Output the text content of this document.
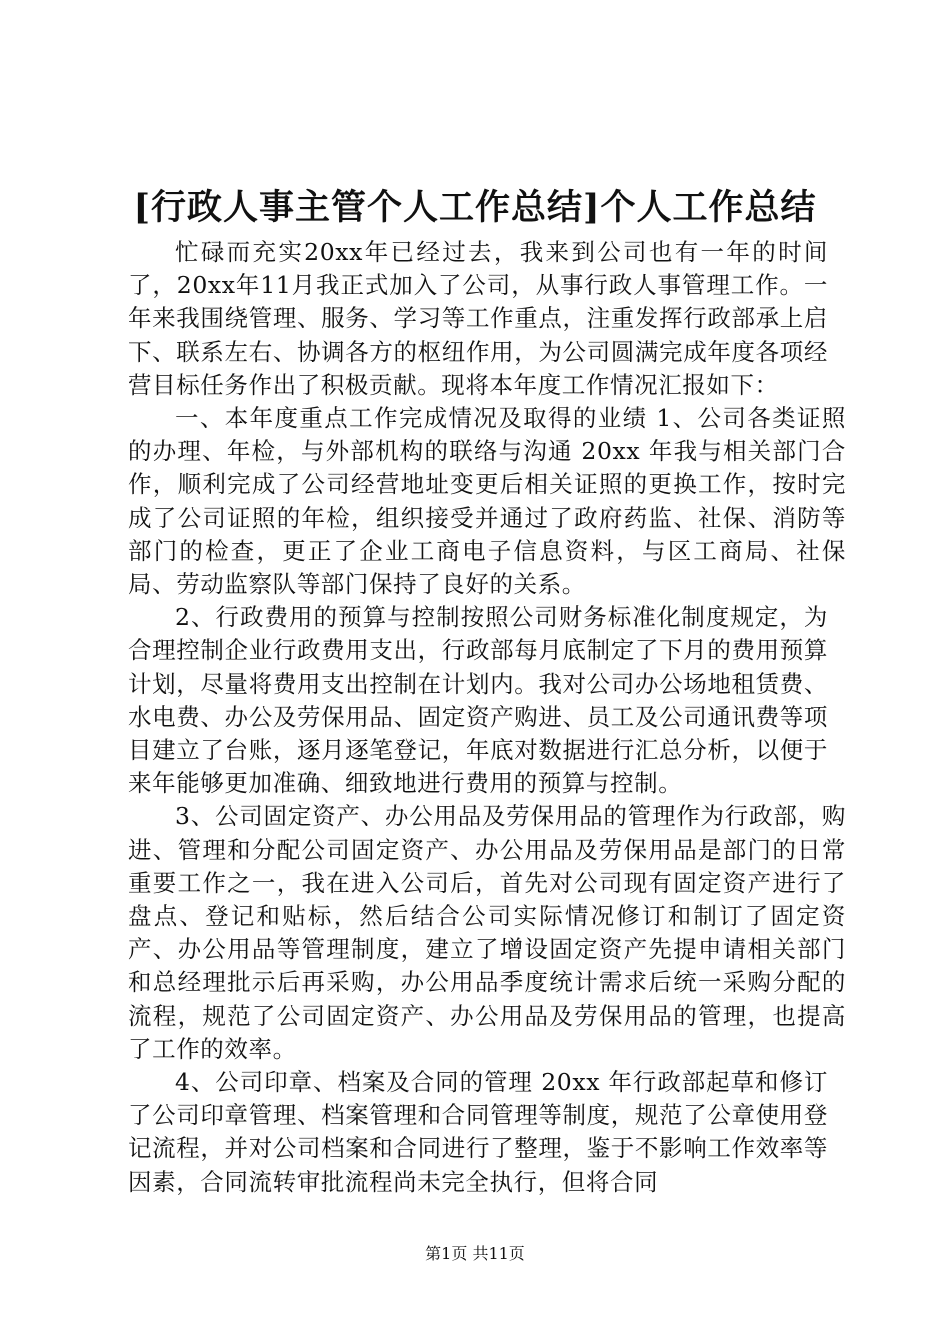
[行政人事主管个人工作总结]个人工作总结

忙碌而充实20xx年已经过去，我来到公司也有一年的时间了，20xx年11月我正式加入了公司，从事行政人事管理工作。一年来我围绕管理、服务、学习等工作重点，注重发挥行政部承上启下、联系左右、协调各方的枢纽作用，为公司圆满完成年度各项经营目标任务作出了积极贡献。现将本年度工作情况汇报如下：

一、本年度重点工作完成情况及取得的业绩 1、公司各类证照的办理、年检，与外部机构的联络与沟通 20xx 年我与相关部门合作，顺利完成了公司经营地址变更后相关证照的更换工作，按时完成了公司证照的年检，组织接受并通过了政府药监、社保、消防等部门的检查，更正了企业工商电子信息资料，与区工商局、社保局、劳动监察队等部门保持了良好的关系。

2、行政费用的预算与控制按照公司财务标准化制度规定，为合理控制企业行政费用支出，行政部每月底制定了下月的费用预算计划，尽量将费用支出控制在计划内。我对公司办公场地租赁费、水电费、办公及劳保用品、固定资产购进、员工及公司通讯费等项目建立了台账，逐月逐笔登记，年底对数据进行汇总分析，以便于来年能够更加准确、细致地进行费用的预算与控制。

3、公司固定资产、办公用品及劳保用品的管理作为行政部，购进、管理和分配公司固定资产、办公用品及劳保用品是部门的日常重要工作之一，我在进入公司后，首先对公司现有固定资产进行了盘点、登记和贴标，然后结合公司实际情况修订和制订了固定资产、办公用品等管理制度，建立了增设固定资产先提申请相关部门和总经理批示后再采购，办公用品季度统计需求后统一采购分配的流程，规范了公司固定资产、办公用品及劳保用品的管理，也提高了工作的效率。

4、公司印章、档案及合同的管理 20xx 年行政部起草和修订了公司印章管理、档案管理和合同管理等制度，规范了公章使用登记流程，并对公司档案和合同进行了整理，鉴于不影响工作效率等因素，合同流转审批流程尚未完全执行，但将合同

第1页 共11页
